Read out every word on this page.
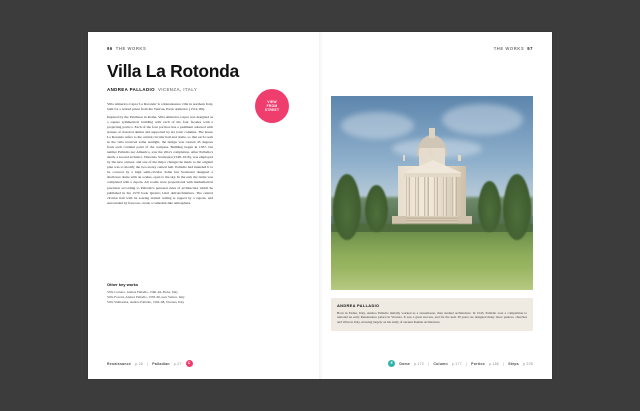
96 THE WORKS
Villa La Rotonda
ANDREA PALLADIO VICENZA, ITALY

Villa Almerico-Capra 'La Rotonda' is a Renaissance villa in northern Italy, built for a retired priest from the Vatican, Paolo Almerico (1514–89).

Inspired by the Pantheon in Rome, Villa Almerico-Capra was designed as a square symmetrical building with each of the four façades with a projecting portico. Each of the four porticos has a pediment adorned with statues of classical deities and supported by six ionic columns. The house La Rotonda refers to the central circular hall and dome, so that each room in the villa received some sunlight, the design was rotated 45 degrees from each cardinal point of the compass. Building began in 1567, but neither Palladio nor Almerico, saw the villa's completion. After Palladio's death, a second architect, Vincenzo Scamozzi (1548–1616), was employed by the new owners, and one of the major changes he made to the original plan was to modify the two-storey central hall. Palladio had intended it to be covered by a high semi-circular dome but Scamozzi designed a shallower dome with an oculus, open to the sky. In the end, the dome was completed with a cupola. All rooms were proportional with mathematical precision according to Palladio's personal rules of architecture which he published in his 1570 book Quattro Libri dell'Architettura. The central circular hall with its soaring domed ceiling is topped by a cupola, and surrounded by frescoes, create a cathedral-like atmosphere.

Other key works
Villa Cornaro, Andrea Palladio, 1560–64, Piobe, Italy
Villa Foscari, Andrea Palladio, 1558–60, near Venice, Italy
Villa Valmarana, Andrea Palladio, 1564–68, Vicenza, Italy
Renaissance p.26 | Palladian p.27	C
VIEW
FROM
STREET
THE WORKS 97
ANDREA PALLADIO

Born in Padua, Italy, Andrea Palladio initially worked as a stonemason, then studied architecture. In 1545, Palladio won a competition to remodel an early Renaissance palace in Vicenza. It was a great success, and for the next 30 years, he designed many more palaces, churches and villas in Italy, drawing largely on his study of ancient Roman architecture.

E	Dome p.172 | Column p.177 | Portico p.186 | Steps p.205
